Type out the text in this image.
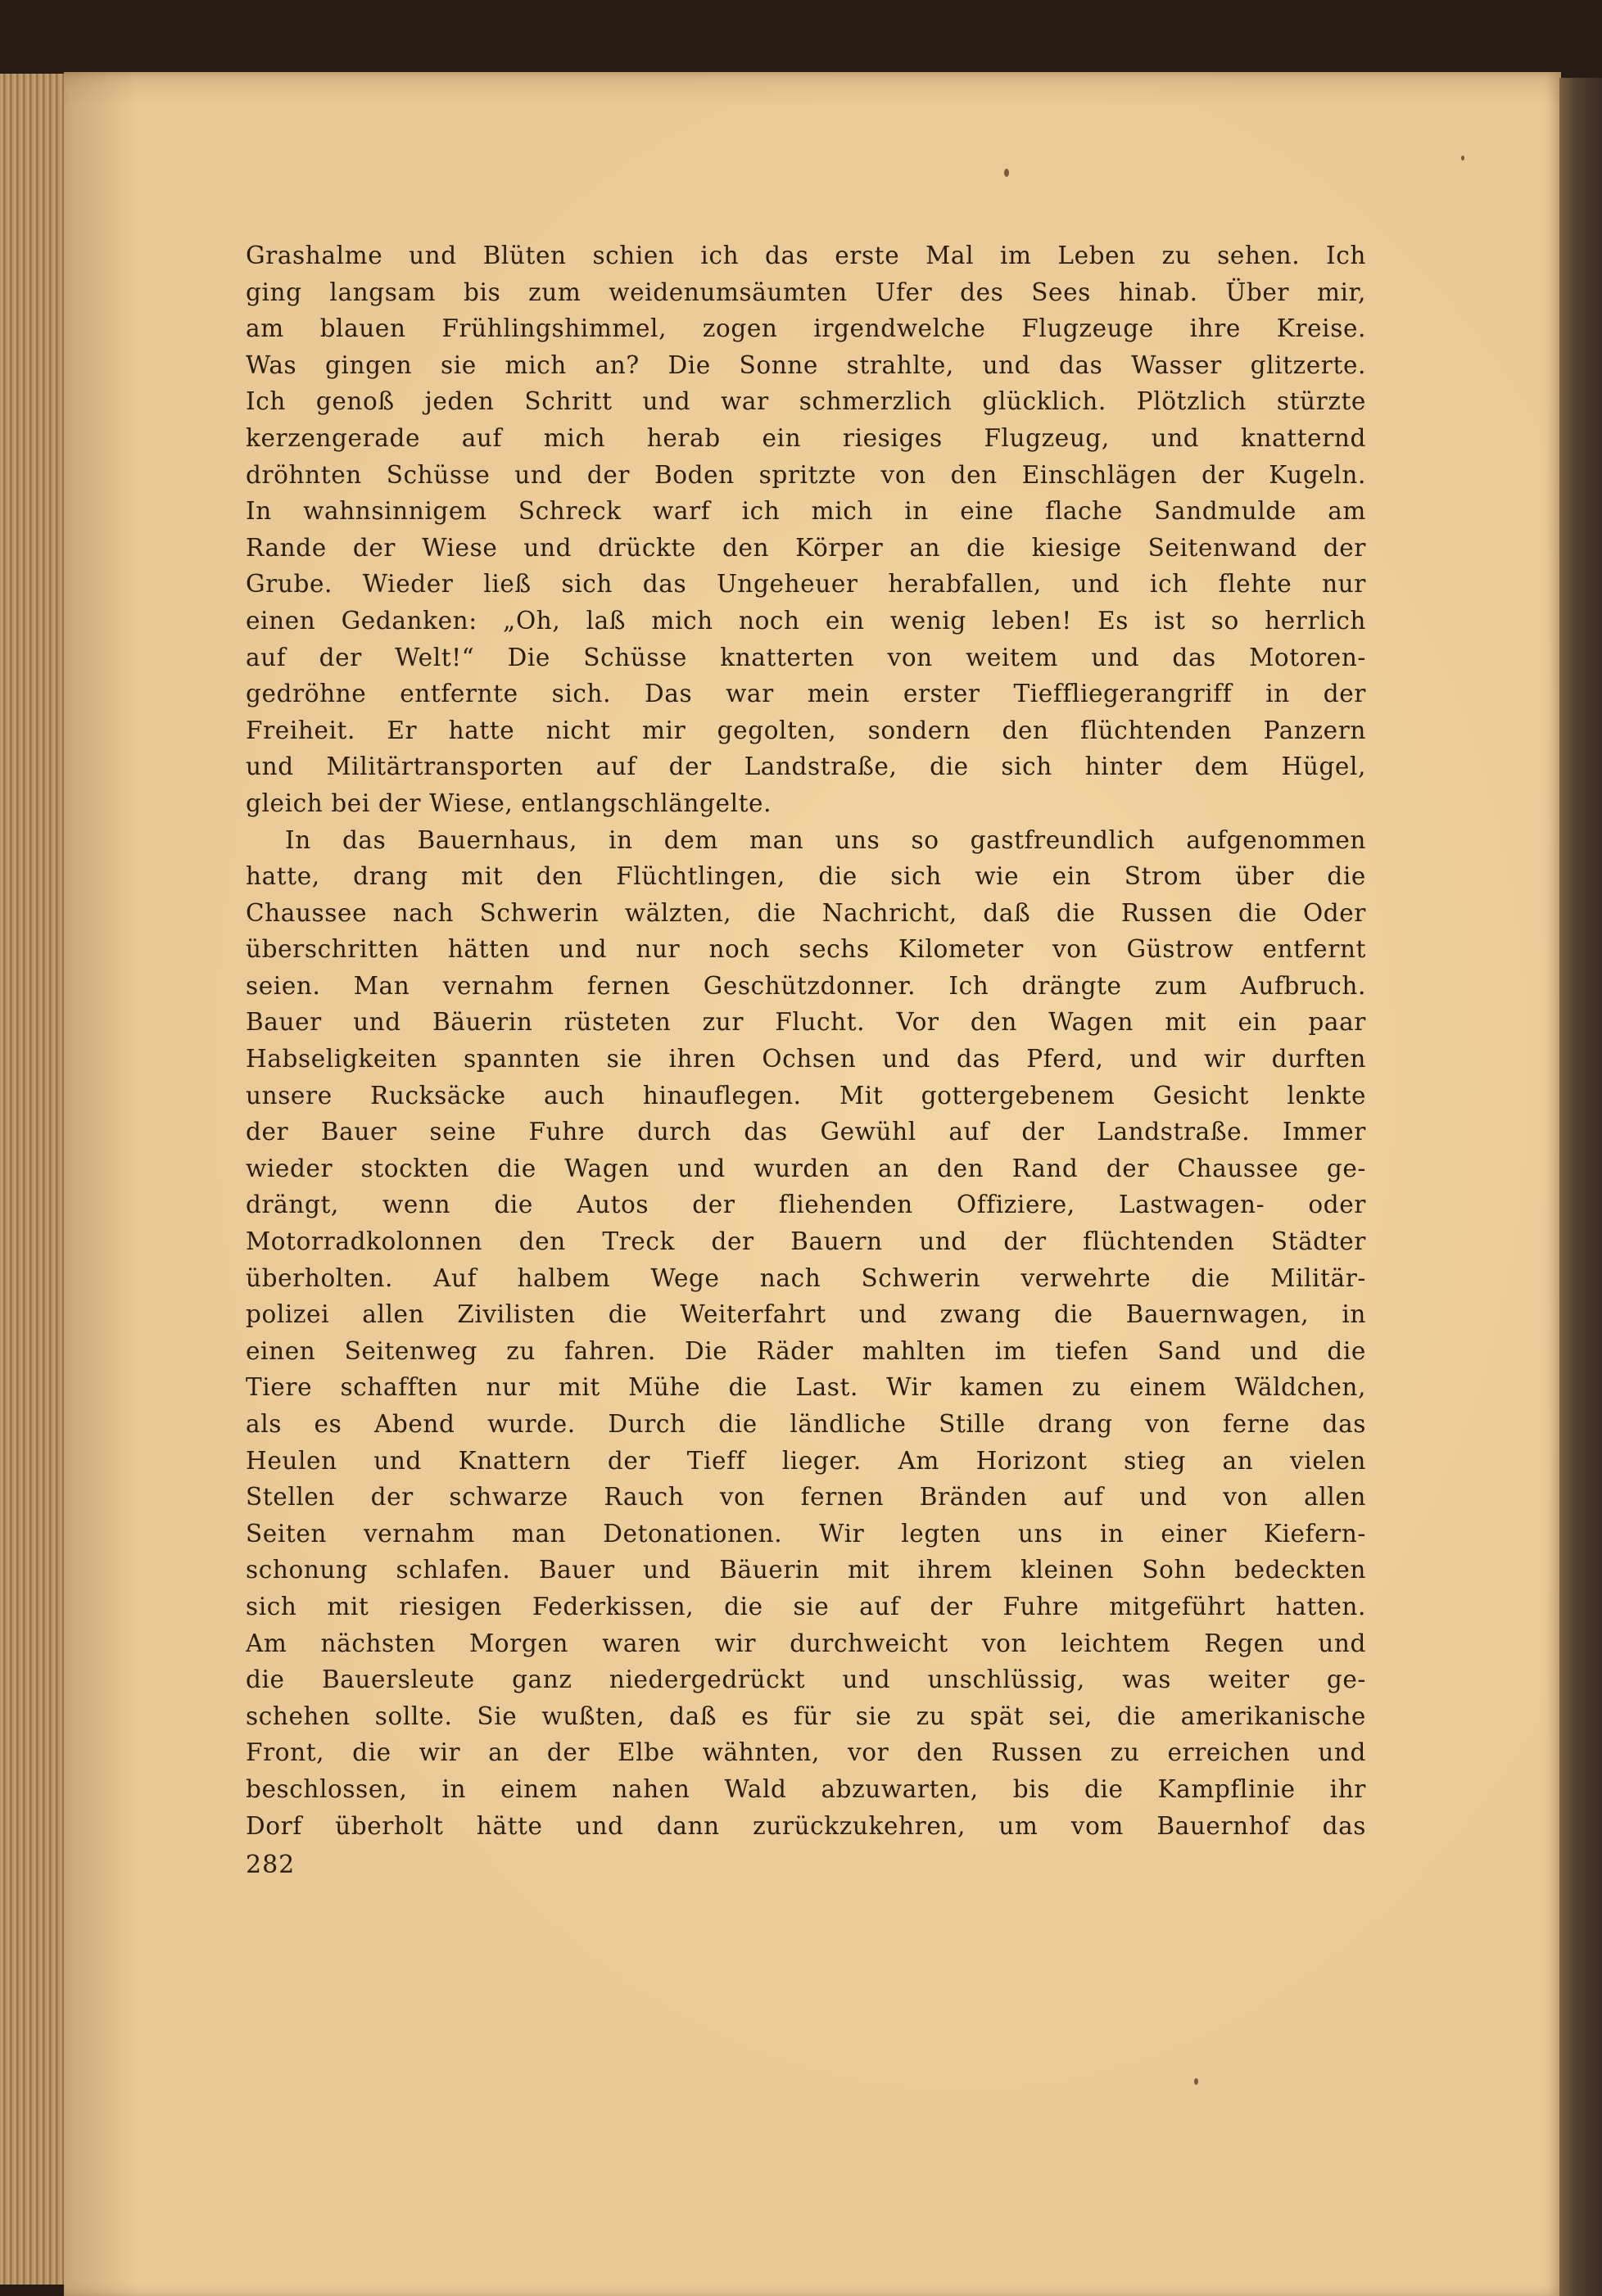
Grashalme und Blüten schien ich das erste Mal im Leben zu sehen. Ich
ging langsam bis zum weidenumsäumten Ufer des Sees hinab. Über mir,
am blauen Frühlingshimmel, zogen irgendwelche Flugzeuge ihre Kreise.
Was gingen sie mich an? Die Sonne strahlte, und das Wasser glitzerte.
Ich genoß jeden Schritt und war schmerzlich glücklich. Plötzlich stürzte
kerzengerade auf mich herab ein riesiges Flugzeug, und knatternd
dröhnten Schüsse und der Boden spritzte von den Einschlägen der Kugeln.
In wahnsinnigem Schreck warf ich mich in eine flache Sandmulde am
Rande der Wiese und drückte den Körper an die kiesige Seitenwand der
Grube. Wieder ließ sich das Ungeheuer herabfallen, und ich flehte nur
einen Gedanken: „Oh, laß mich noch ein wenig leben! Es ist so herrlich
auf der Welt!“ Die Schüsse knatterten von weitem und das Motoren-
gedröhne entfernte sich. Das war mein erster Tieffliegerangriff in der
Freiheit. Er hatte nicht mir gegolten, sondern den flüchtenden Panzern
und Militärtransporten auf der Landstraße, die sich hinter dem Hügel,
gleich bei der Wiese, entlangschlängelte.
In das Bauernhaus, in dem man uns so gastfreundlich aufgenommen
hatte, drang mit den Flüchtlingen, die sich wie ein Strom über die
Chaussee nach Schwerin wälzten, die Nachricht, daß die Russen die Oder
überschritten hätten und nur noch sechs Kilometer von Güstrow entfernt
seien. Man vernahm fernen Geschützdonner. Ich drängte zum Aufbruch.
Bauer und Bäuerin rüsteten zur Flucht. Vor den Wagen mit ein paar
Habseligkeiten spannten sie ihren Ochsen und das Pferd, und wir durften
unsere Rucksäcke auch hinauflegen. Mit gottergebenem Gesicht lenkte
der Bauer seine Fuhre durch das Gewühl auf der Landstraße. Immer
wieder stockten die Wagen und wurden an den Rand der Chaussee ge-
drängt, wenn die Autos der fliehenden Offiziere, Lastwagen- oder
Motorradkolonnen den Treck der Bauern und der flüchtenden Städter
überholten. Auf halbem Wege nach Schwerin verwehrte die Militär-
polizei allen Zivilisten die Weiterfahrt und zwang die Bauernwagen, in
einen Seitenweg zu fahren. Die Räder mahlten im tiefen Sand und die
Tiere schafften nur mit Mühe die Last. Wir kamen zu einem Wäldchen,
als es Abend wurde. Durch die ländliche Stille drang von ferne das
Heulen und Knattern der Tieff lieger. Am Horizont stieg an vielen
Stellen der schwarze Rauch von fernen Bränden auf und von allen
Seiten vernahm man Detonationen. Wir legten uns in einer Kiefern-
schonung schlafen. Bauer und Bäuerin mit ihrem kleinen Sohn bedeckten
sich mit riesigen Federkissen, die sie auf der Fuhre mitgeführt hatten.
Am nächsten Morgen waren wir durchweicht von leichtem Regen und
die Bauersleute ganz niedergedrückt und unschlüssig, was weiter ge-
schehen sollte. Sie wußten, daß es für sie zu spät sei, die amerikanische
Front, die wir an der Elbe wähnten, vor den Russen zu erreichen und
beschlossen, in einem nahen Wald abzuwarten, bis die Kampflinie ihr
Dorf überholt hätte und dann zurückzukehren, um vom Bauernhof das
282
